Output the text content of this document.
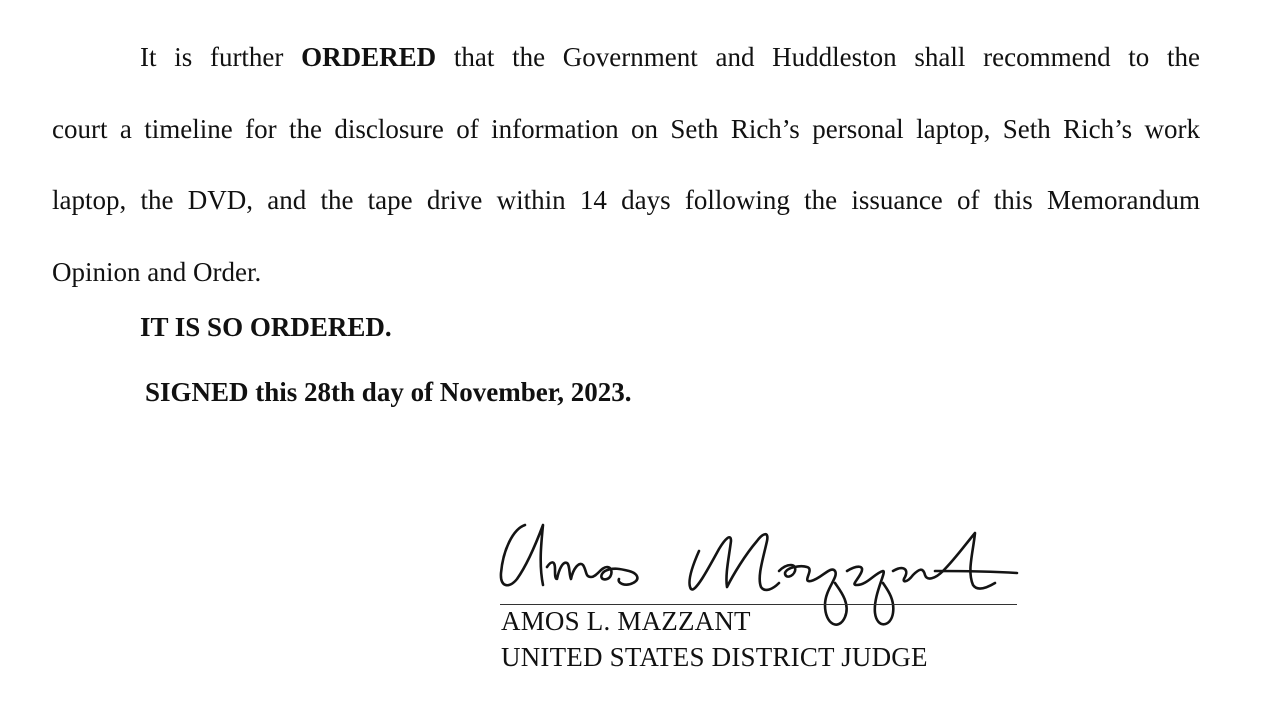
It is further ORDERED that the Government and Huddleston shall recommend to the
court a timeline for the disclosure of information on Seth Rich’s personal laptop, Seth Rich’s work
laptop, the DVD, and the tape drive within 14 days following the issuance of this Memorandum
Opinion and Order.
IT IS SO ORDERED.
SIGNED this 28th day of November, 2023.
AMOS L. MAZZANT
UNITED STATES DISTRICT JUDGE
